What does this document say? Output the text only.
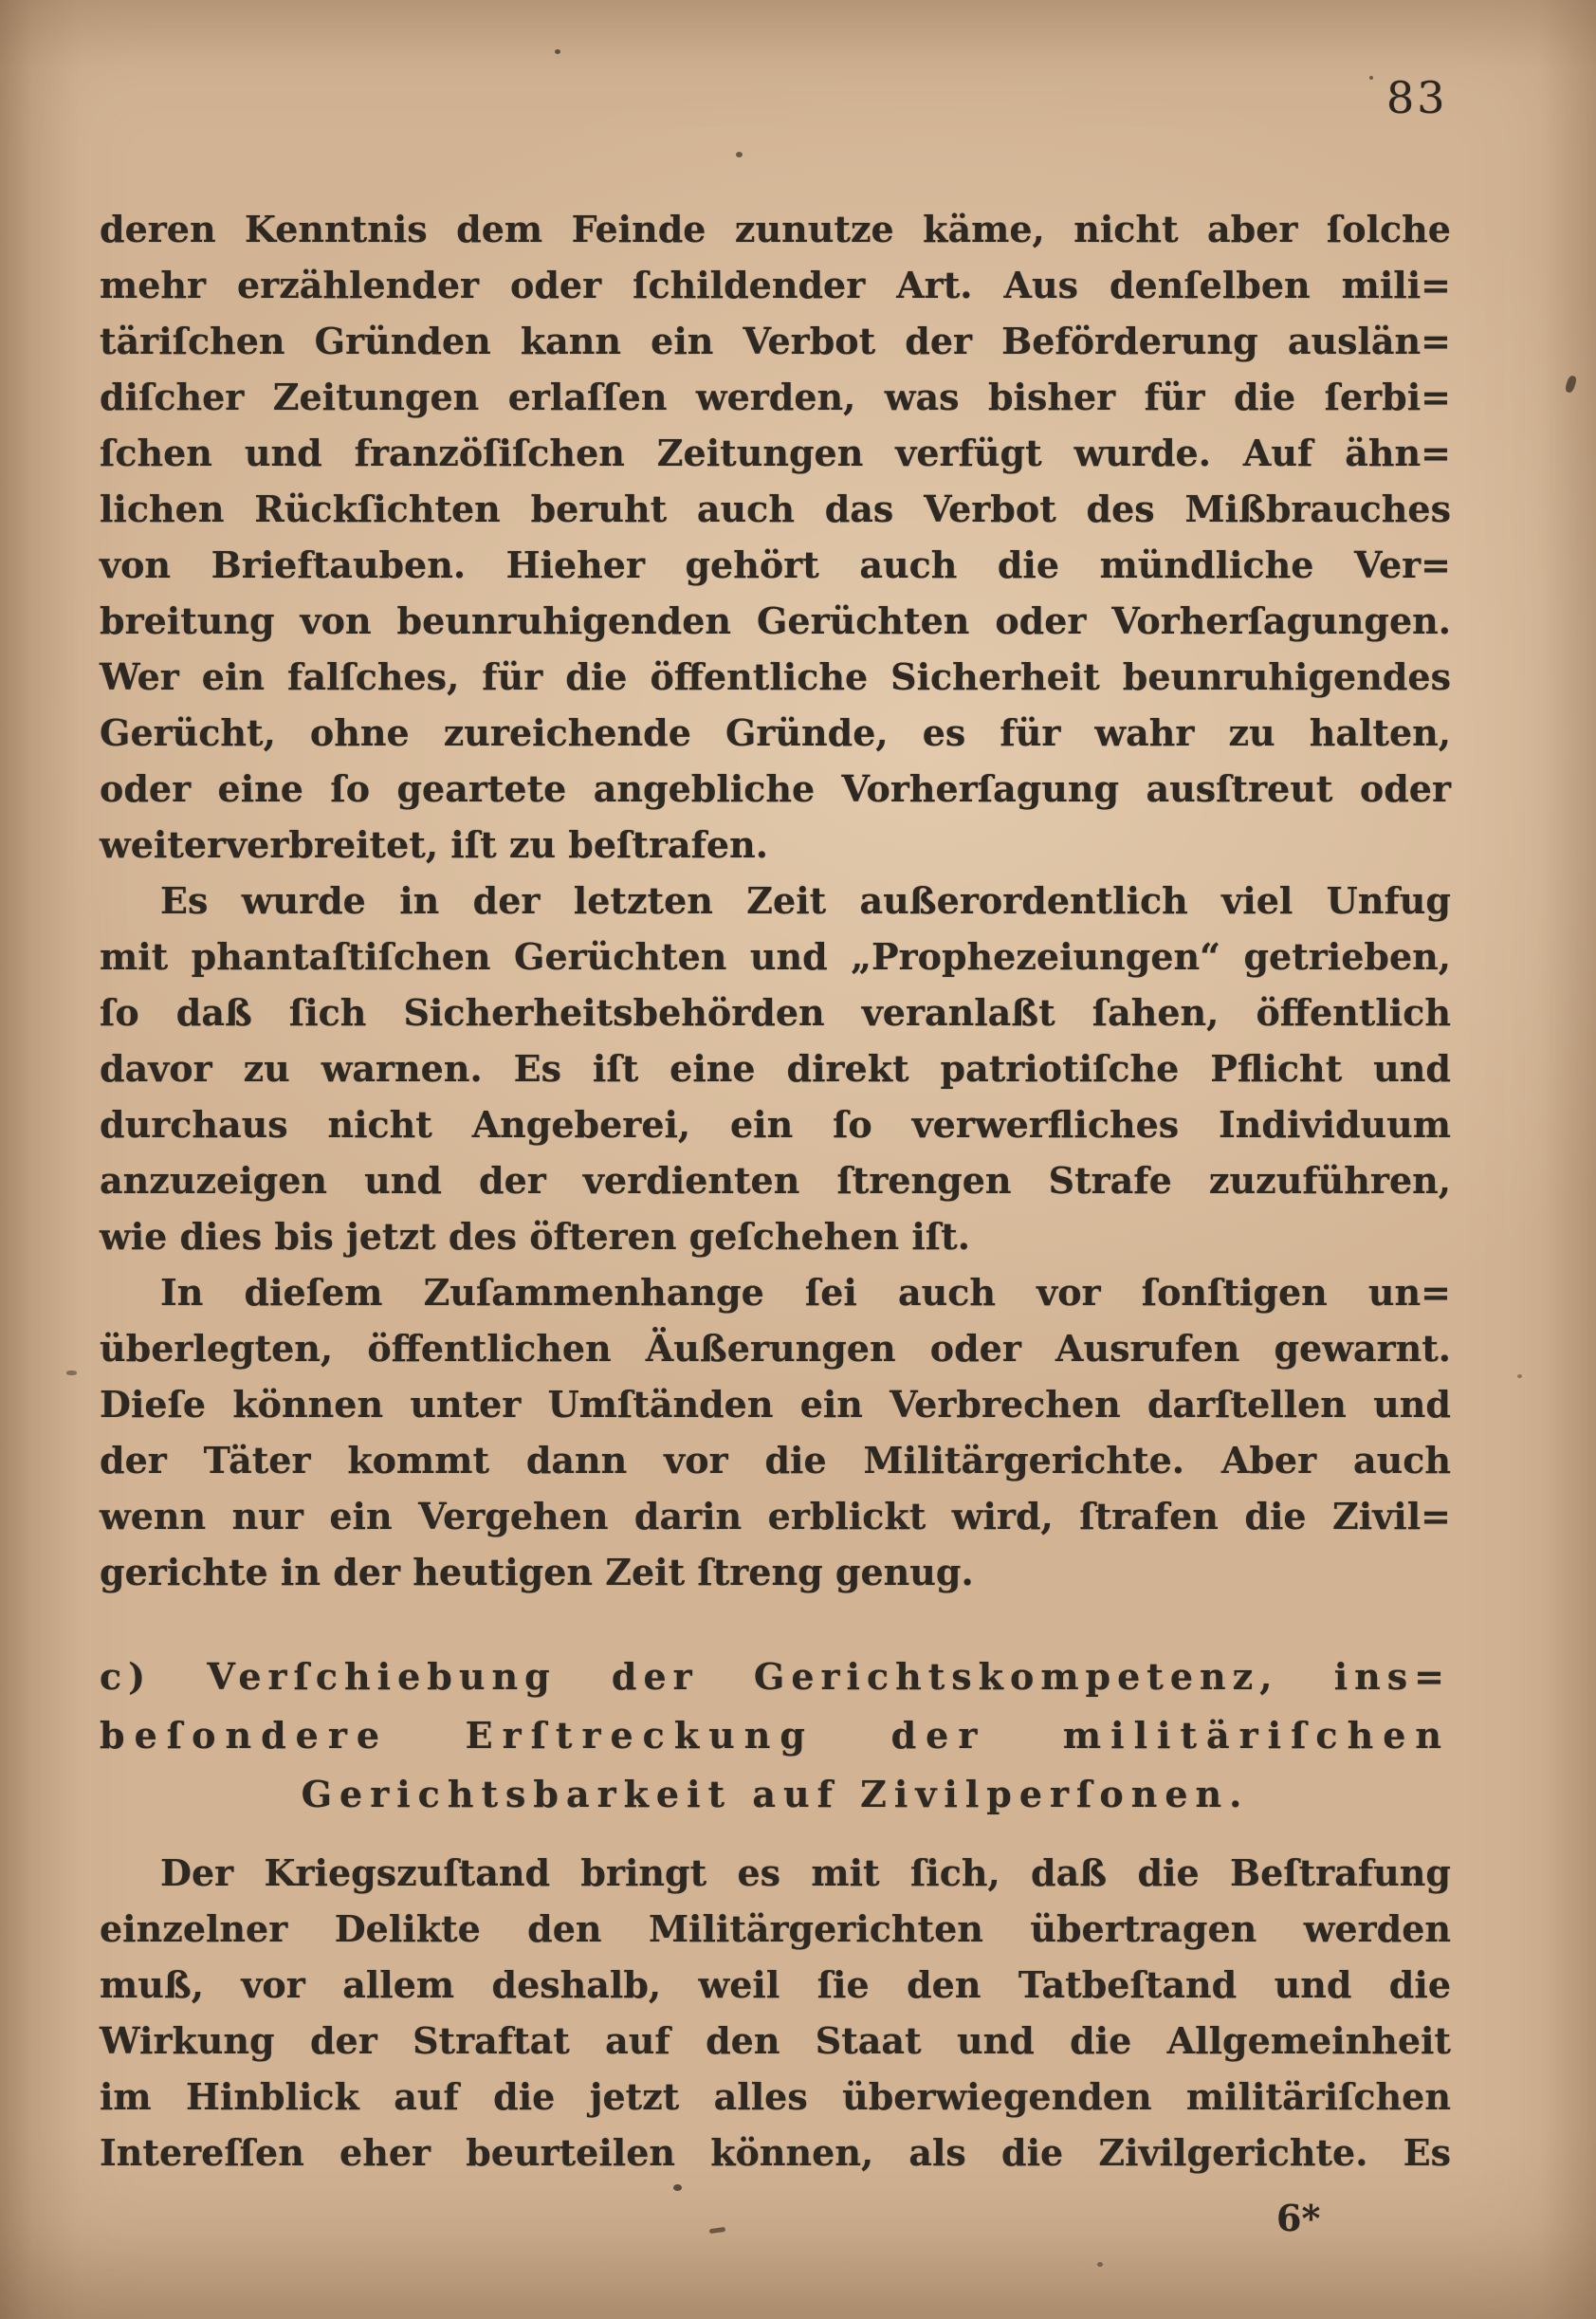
83
deren Kenntnis dem Feinde zunutze käme, nicht aber ſolche
mehr erzählender oder ſchildender Art. Aus denſelben mili=
täriſchen Gründen kann ein Verbot der Beförderung auslän=
diſcher Zeitungen erlaſſen werden, was bisher für die ſerbi=
ſchen und franzöſiſchen Zeitungen verfügt wurde. Auf ähn=
lichen Rückſichten beruht auch das Verbot des Mißbrauches
von Brieftauben. Hieher gehört auch die mündliche Ver=
breitung von beunruhigenden Gerüchten oder Vorherſagungen.
Wer ein falſches, für die öffentliche Sicherheit beunruhigendes
Gerücht, ohne zureichende Gründe, es für wahr zu halten,
oder eine ſo geartete angebliche Vorherſagung ausſtreut oder
weiterverbreitet, iſt zu beſtrafen.
Es wurde in der letzten Zeit außerordentlich viel Unfug
mit phantaſtiſchen Gerüchten und „Prophezeiungen“ getrieben,
ſo daß ſich Sicherheitsbehörden veranlaßt ſahen, öffentlich
davor zu warnen. Es iſt eine direkt patriotiſche Pflicht und
durchaus nicht Angeberei, ein ſo verwerfliches Individuum
anzuzeigen und der verdienten ſtrengen Strafe zuzuführen,
wie dies bis jetzt des öfteren geſchehen iſt.
In dieſem Zuſammenhange ſei auch vor ſonſtigen un=
überlegten, öffentlichen Äußerungen oder Ausrufen gewarnt.
Dieſe können unter Umſtänden ein Verbrechen darſtellen und
der Täter kommt dann vor die Militärgerichte. Aber auch
wenn nur ein Vergehen darin erblickt wird, ſtrafen die Zivil=
gerichte in der heutigen Zeit ſtreng genug.
c) Verſchiebung der Gerichtskompetenz, ins=
beſondere Erſtreckung der militäriſchen
Gerichtsbarkeit auf Zivilperſonen.
Der Kriegszuſtand bringt es mit ſich, daß die Beſtrafung
einzelner Delikte den Militärgerichten übertragen werden
muß, vor allem deshalb, weil ſie den Tatbeſtand und die
Wirkung der Straftat auf den Staat und die Allgemeinheit
im Hinblick auf die jetzt alles überwiegenden militäriſchen
Intereſſen eher beurteilen können, als die Zivilgerichte. Es
6*
